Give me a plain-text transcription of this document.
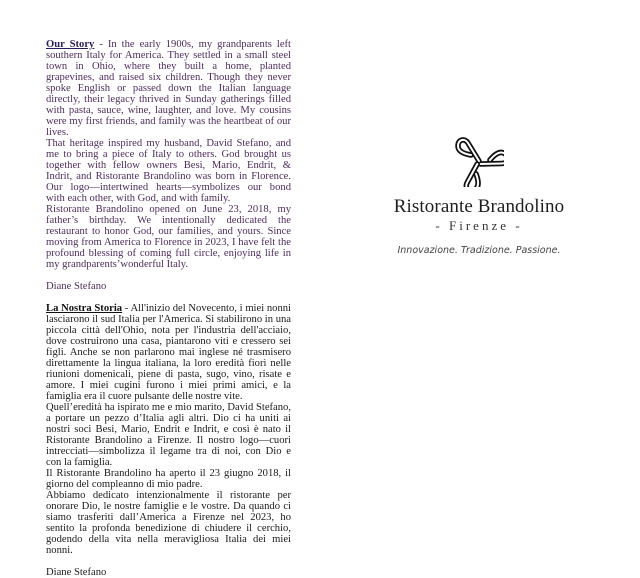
Our Story - In the early 1900s, my grandparents left southern Italy for America. They settled in a small steel town in Ohio, where they built a home, planted grapevines, and raised six children. Though they never spoke English or passed down the Italian language directly, their legacy thrived in Sunday gatherings filled with pasta, sauce, wine, laughter, and love. My cousins were my first friends, and family was the heartbeat of our lives.

That heritage inspired my husband, David Stefano, and me to bring a piece of Italy to others. God brought us together with fellow owners Besi, Mario, Endrit, & Indrit, and Ristorante Brandolino was born in Florence. Our logo—intertwined hearts—symbolizes our bond with each other, with God, and with family.

Ristorante Brandolino opened on June 23, 2018, my father’s birthday. We intentionally dedicated the restaurant to honor God, our families, and yours. Since moving from America to Florence in 2023, I have felt the profound blessing of coming full circle, enjoying life in my grandparents’wonderful Italy.

Diane Stefano

La Nostra Storia - All'inizio del Novecento, i miei nonni lasciarono il sud Italia per l'America. Si stabilirono in una piccola città dell'Ohio, nota per l'industria dell'acciaio, dove costruirono una casa, piantarono viti e cressero sei figli. Anche se non parlarono mai inglese né trasmisero direttamente la lingua italiana, la loro eredità fiorì nelle riunioni domenicali, piene di pasta, sugo, vino, risate e amore. I miei cugini furono i miei primi amici, e la famiglia era il cuore pulsante delle nostre vite.

Quell’eredità ha ispirato me e mio marito, David Stefano, a portare un pezzo d’Italia agli altri. Dio ci ha uniti ai nostri soci Besi, Mario, Endrit e Indrit, e così è nato il Ristorante Brandolino a Firenze. Il nostro logo—cuori intrecciati—simbolizza il legame tra di noi, con Dio e con la famiglia.

Il Ristorante Brandolino ha aperto il 23 giugno 2018, il giorno del compleanno di mio padre.

Abbiamo dedicato intenzionalmente il ristorante per onorare Dio, le nostre famiglie e le vostre. Da quando ci siamo trasferiti dall’America a Firenze nel 2023, ho sentito la profonda benedizione di chiudere il cerchio, godendo della vita nella meravigliosa Italia dei miei nonni.

Diane Stefano

Ristorante Brandolino
- Firenze -
Innovazione. Tradizione. Passione.
